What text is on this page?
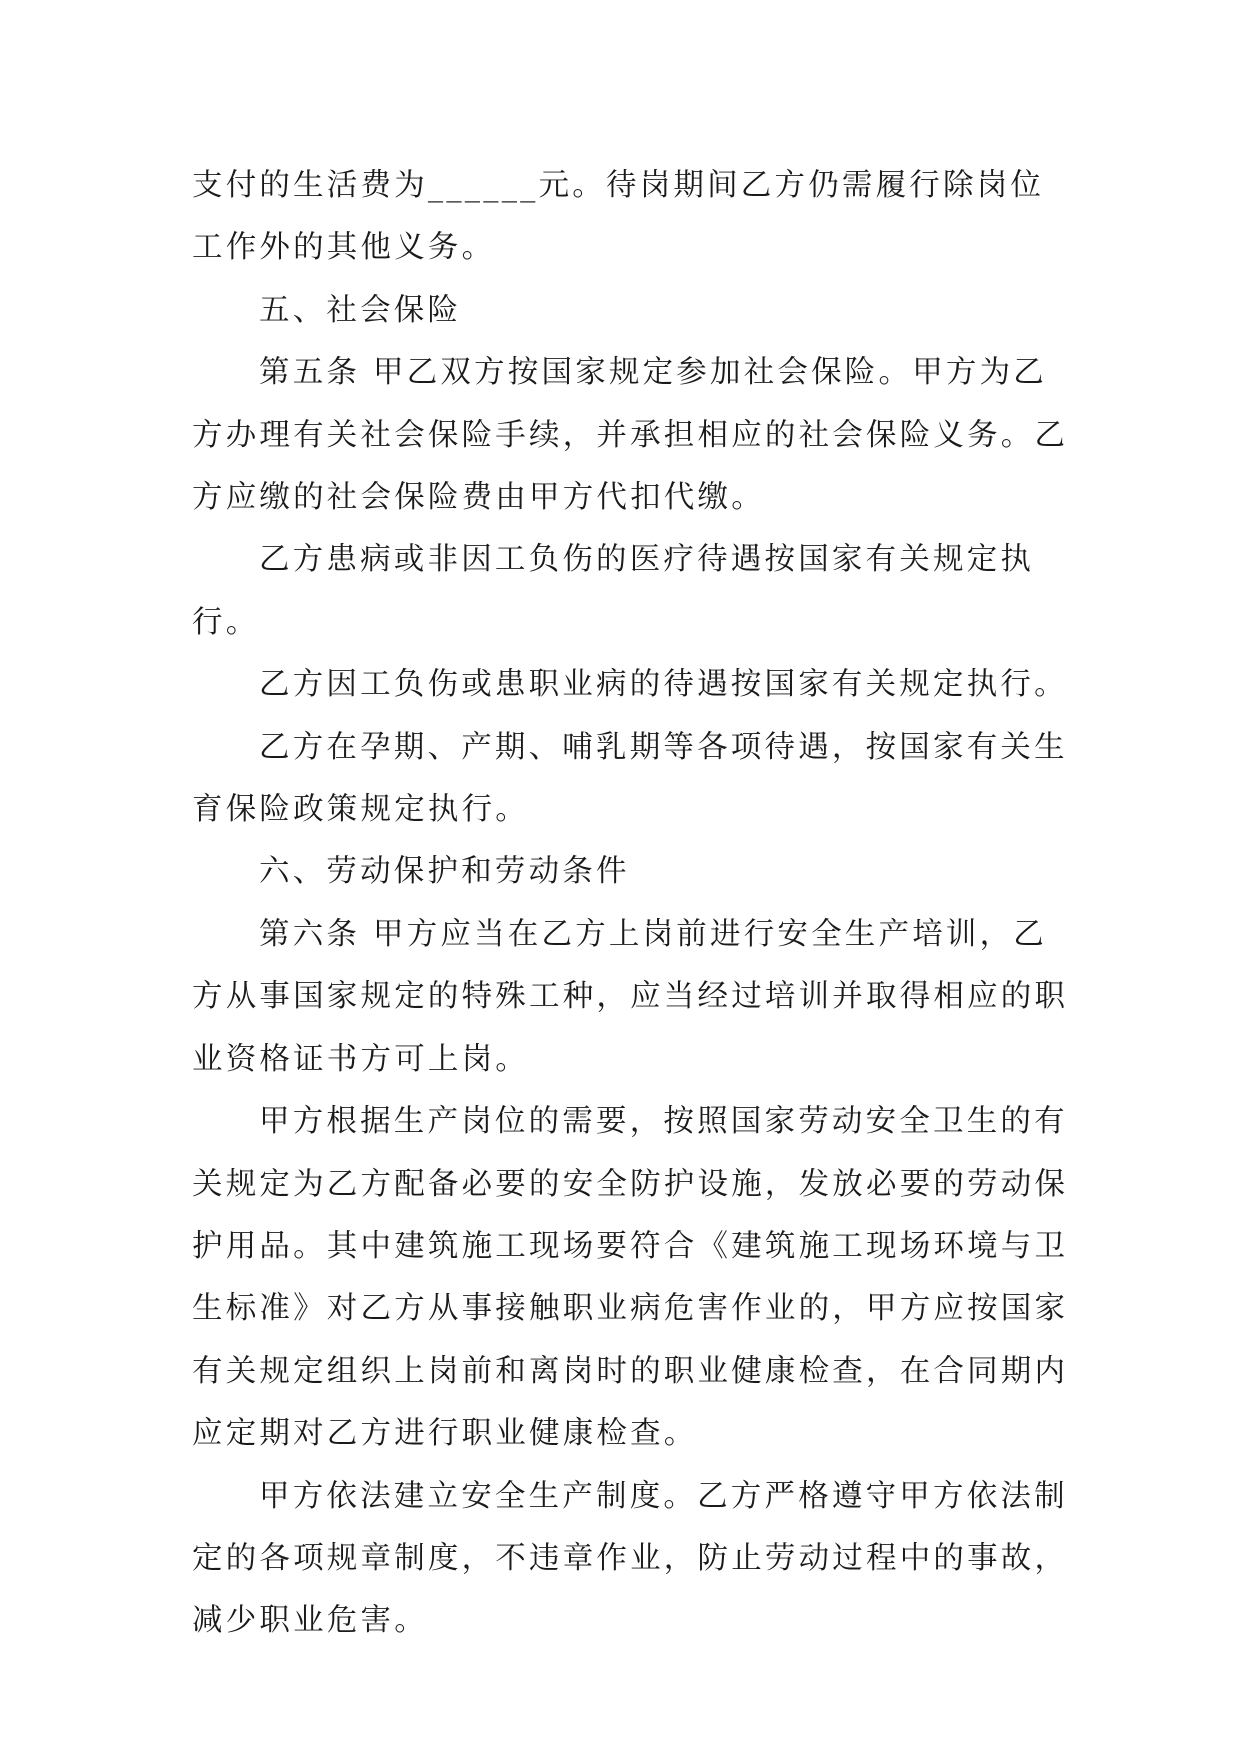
支付的生活费为______元。待岗期间乙方仍需履行除岗位工作外的其他义务。

五、社会保险

第五条 甲乙双方按国家规定参加社会保险。甲方为乙方办理有关社会保险手续，并承担相应的社会保险义务。乙方应缴的社会保险费由甲方代扣代缴。

乙方患病或非因工负伤的医疗待遇按国家有关规定执行。

乙方因工负伤或患职业病的待遇按国家有关规定执行。

乙方在孕期、产期、哺乳期等各项待遇，按国家有关生育保险政策规定执行。

六、劳动保护和劳动条件

第六条 甲方应当在乙方上岗前进行安全生产培训，乙方从事国家规定的特殊工种，应当经过培训并取得相应的职业资格证书方可上岗。

甲方根据生产岗位的需要，按照国家劳动安全卫生的有关规定为乙方配备必要的安全防护设施，发放必要的劳动保护用品。其中建筑施工现场要符合《建筑施工现场环境与卫生标准》对乙方从事接触职业病危害作业的，甲方应按国家有关规定组织上岗前和离岗时的职业健康检查，在合同期内应定期对乙方进行职业健康检查。

甲方依法建立安全生产制度。乙方严格遵守甲方依法制定的各项规章制度，不违章作业，防止劳动过程中的事故，减少职业危害。
